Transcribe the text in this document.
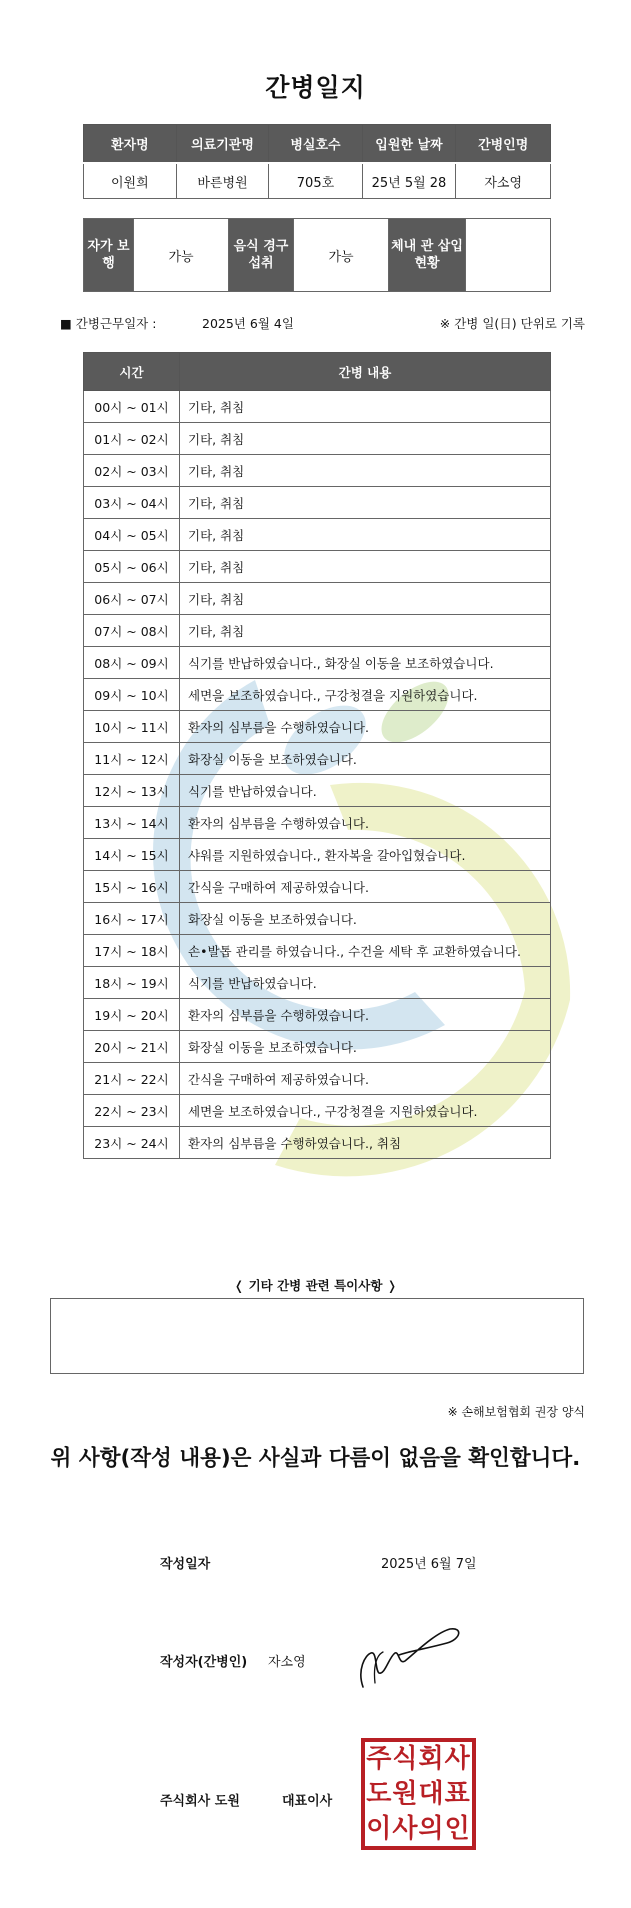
간병일지
환자명	의료기관명	병실호수	입원한 날짜	간병인명
이원희	바른병원	705호	25년 5월 28	자소영
자가 보행	가능	음식 경구 섭취	가능	체내 관 삽입 현황	
■ 간병근무일자 :	2025년 6월 4일	※ 간병 일(日) 단위로 기록
시간	간병 내용
00시 ~ 01시	기타, 취침
01시 ~ 02시	기타, 취침
02시 ~ 03시	기타, 취침
03시 ~ 04시	기타, 취침
04시 ~ 05시	기타, 취침
05시 ~ 06시	기타, 취침
06시 ~ 07시	기타, 취침
07시 ~ 08시	기타, 취침
08시 ~ 09시	식기를 반납하였습니다., 화장실 이동을 보조하였습니다.
09시 ~ 10시	세면을 보조하였습니다., 구강청결을 지원하였습니다.
10시 ~ 11시	환자의 심부름을 수행하였습니다.
11시 ~ 12시	화장실 이동을 보조하였습니다.
12시 ~ 13시	식기를 반납하였습니다.
13시 ~ 14시	환자의 심부름을 수행하였습니다.
14시 ~ 15시	샤워를 지원하였습니다., 환자복을 갈아입혔습니다.
15시 ~ 16시	간식을 구매하여 제공하였습니다.
16시 ~ 17시	화장실 이동을 보조하였습니다.
17시 ~ 18시	손•발톱 관리를 하였습니다., 수건을 세탁 후 교환하였습니다.
18시 ~ 19시	식기를 반납하였습니다.
19시 ~ 20시	환자의 심부름을 수행하였습니다.
20시 ~ 21시	화장실 이동을 보조하였습니다.
21시 ~ 22시	간식을 구매하여 제공하였습니다.
22시 ~ 23시	세면을 보조하였습니다., 구강청결을 지원하였습니다.
23시 ~ 24시	환자의 심부름을 수행하였습니다., 취침
❬ 기타 간병 관련 특이사항 ❭
※ 손해보험협회 권장 양식
위 사항(작성 내용)은 사실과 다름이 없음을 확인합니다.
작성일자	2025년 6월 7일
작성자(간병인) 자소영
주식회사 도원	대표이사
주식회사
도원대표
이사의인
